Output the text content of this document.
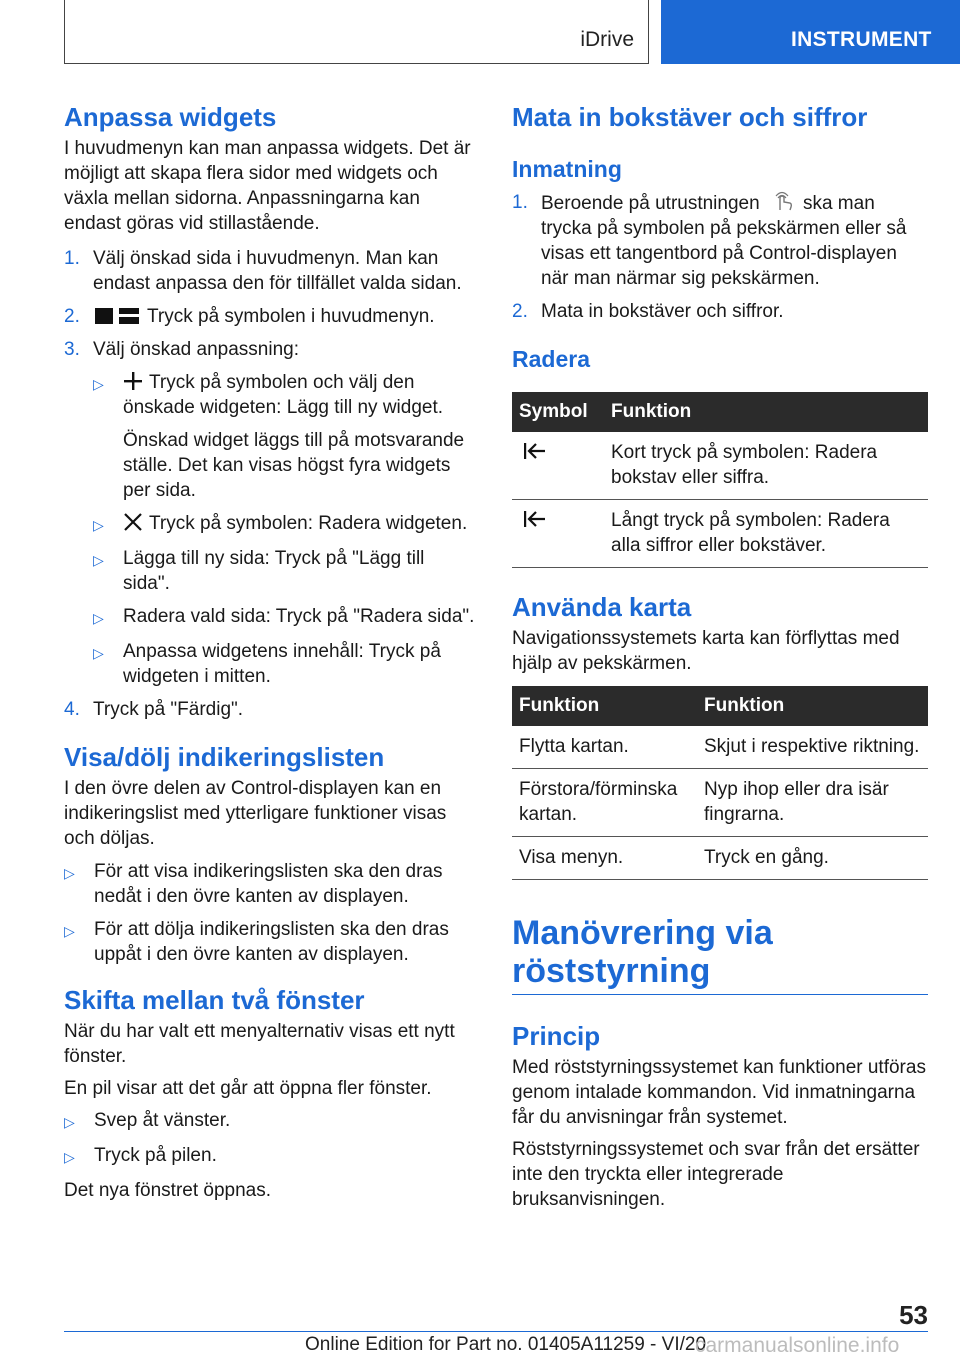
iDrive	INSTRUMENT
Anpassa widgets
I huvudmenyn kan man anpassa widgets. Det är möjligt att skapa flera sidor med widgets och växla mellan sidorna. Anpassningarna kan endast göras vid stillastående.
1. Välj önskad sida i huvudmenyn. Man kan endast anpassa den för tillfället valda sidan.
2.	Tryck på symbolen i huvudmenyn.
3. Välj önskad anpassning:
▷	Tryck på symbolen och välj den önskade widgeten: Lägg till ny widget.
Önskad widget läggs till på motsvarande ställe. Det kan visas högst fyra widgets per sida.
▷	Tryck på symbolen: Radera widgeten.
▷	Lägga till ny sida: Tryck på "Lägg till sida".
▷	Radera vald sida: Tryck på "Radera sida".
▷	Anpassa widgetens innehåll: Tryck på widgeten i mitten.
4. Tryck på "Färdig".
Visa/dölj indikeringslisten
I den övre delen av Control-displayen kan en indikeringslist med ytterligare funktioner visas och döljas.
▷	För att visa indikeringslisten ska den dras nedåt i den övre kanten av displayen.
▷	För att dölja indikeringslisten ska den dras uppåt i den övre kanten av displayen.
Skifta mellan två fönster
När du har valt ett menyalternativ visas ett nytt fönster.
En pil visar att det går att öppna fler fönster.
▷	Svep åt vänster.
▷	Tryck på pilen.
Det nya fönstret öppnas.
Mata in bokstäver och siffror
Inmatning
1. Beroende på utrustningen ska man trycka på symbolen på pekskärmen eller så visas ett tangentbord på Control-displayen när man närmar sig pekskärmen.
2. Mata in bokstäver och siffror.
Radera
Symbol	Funktion
	Kort tryck på symbolen: Radera bokstav eller siffra.
	Långt tryck på symbolen: Radera alla siffror eller bokstäver.
Använda karta
Navigationssystemets karta kan förflyttas med hjälp av pekskärmen.
Funktion	Funktion
Flytta kartan.	Skjut i respektive riktning.
Förstora/förminska kartan.	Nyp ihop eller dra isär fingrarna.
Visa menyn.	Tryck en gång.
Manövrering via röststyrning
Princip
Med röststyrningssystemet kan funktioner utföras genom intalade kommandon. Vid inmatningarna får du anvisningar från systemet.
Röststyrningssystemet och svar från det ersätter inte den tryckta eller integrerade bruksanvisningen.
53
Online Edition for Part no. 01405A11259 - VI/20
carmanualsonline.info
